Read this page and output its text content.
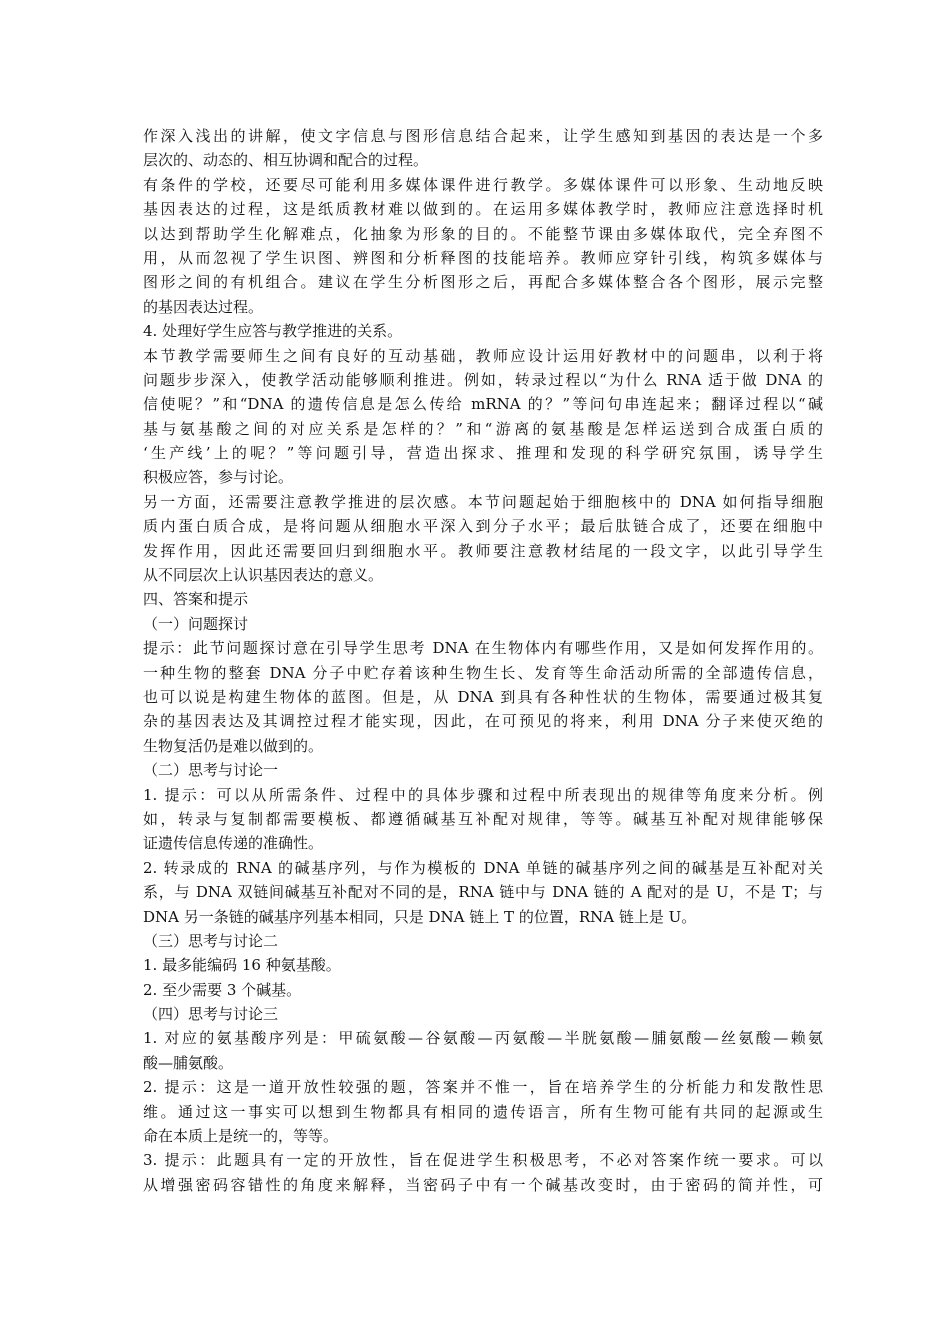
作深入浅出的讲解，使文字信息与图形信息结合起来，让学生感知到基因的表达是一个多
层次的、动态的、相互协调和配合的过程。
有条件的学校，还要尽可能利用多媒体课件进行教学。多媒体课件可以形象、生动地反映
基因表达的过程，这是纸质教材难以做到的。在运用多媒体教学时，教师应注意选择时机
以达到帮助学生化解难点，化抽象为形象的目的。不能整节课由多媒体取代，完全弃图不
用，从而忽视了学生识图、辨图和分析释图的技能培养。教师应穿针引线，构筑多媒体与
图形之间的有机组合。建议在学生分析图形之后，再配合多媒体整合各个图形，展示完整
的基因表达过程。
4. 处理好学生应答与教学推进的关系。
本节教学需要师生之间有良好的互动基础，教师应设计运用好教材中的问题串，以利于将
问题步步深入，使教学活动能够顺利推进。例如，转录过程以“为什么 RNA 适于做 DNA 的
信使呢？”和“DNA 的遗传信息是怎么传给 mRNA 的？”等问句串连起来；翻译过程以“碱
基与氨基酸之间的对应关系是怎样的？”和“游离的氨基酸是怎样运送到合成蛋白质的
‘生产线’上的呢？”等问题引导，营造出探求、推理和发现的科学研究氛围，诱导学生
积极应答，参与讨论。
另一方面，还需要注意教学推进的层次感。本节问题起始于细胞核中的 DNA 如何指导细胞
质内蛋白质合成，是将问题从细胞水平深入到分子水平；最后肽链合成了，还要在细胞中
发挥作用，因此还需要回归到细胞水平。教师要注意教材结尾的一段文字，以此引导学生
从不同层次上认识基因表达的意义。
四、答案和提示
（一）问题探讨
提示：此节问题探讨意在引导学生思考 DNA 在生物体内有哪些作用，又是如何发挥作用的。
一种生物的整套 DNA 分子中贮存着该种生物生长、发育等生命活动所需的全部遗传信息，
也可以说是构建生物体的蓝图。但是，从 DNA 到具有各种性状的生物体，需要通过极其复
杂的基因表达及其调控过程才能实现，因此，在可预见的将来，利用 DNA 分子来使灭绝的
生物复活仍是难以做到的。
（二）思考与讨论一
1. 提示：可以从所需条件、过程中的具体步骤和过程中所表现出的规律等角度来分析。例
如，转录与复制都需要模板、都遵循碱基互补配对规律，等等。碱基互补配对规律能够保
证遗传信息传递的准确性。
2. 转录成的 RNA 的碱基序列，与作为模板的 DNA 单链的碱基序列之间的碱基是互补配对关
系，与 DNA 双链间碱基互补配对不同的是，RNA 链中与 DNA 链的 A 配对的是 U，不是 T；与
DNA 另一条链的碱基序列基本相同，只是 DNA 链上 T 的位置，RNA 链上是 U。
（三）思考与讨论二
1. 最多能编码 16 种氨基酸。
2. 至少需要 3 个碱基。
（四）思考与讨论三
1. 对应的氨基酸序列是：甲硫氨酸—谷氨酸—丙氨酸—半胱氨酸—脯氨酸—丝氨酸—赖氨
酸—脯氨酸。
2. 提示：这是一道开放性较强的题，答案并不惟一，旨在培养学生的分析能力和发散性思
维。通过这一事实可以想到生物都具有相同的遗传语言，所有生物可能有共同的起源或生
命在本质上是统一的，等等。
3. 提示：此题具有一定的开放性，旨在促进学生积极思考，不必对答案作统一要求。可以
从增强密码容错性的角度来解释，当密码子中有一个碱基改变时，由于密码的简并性，可
